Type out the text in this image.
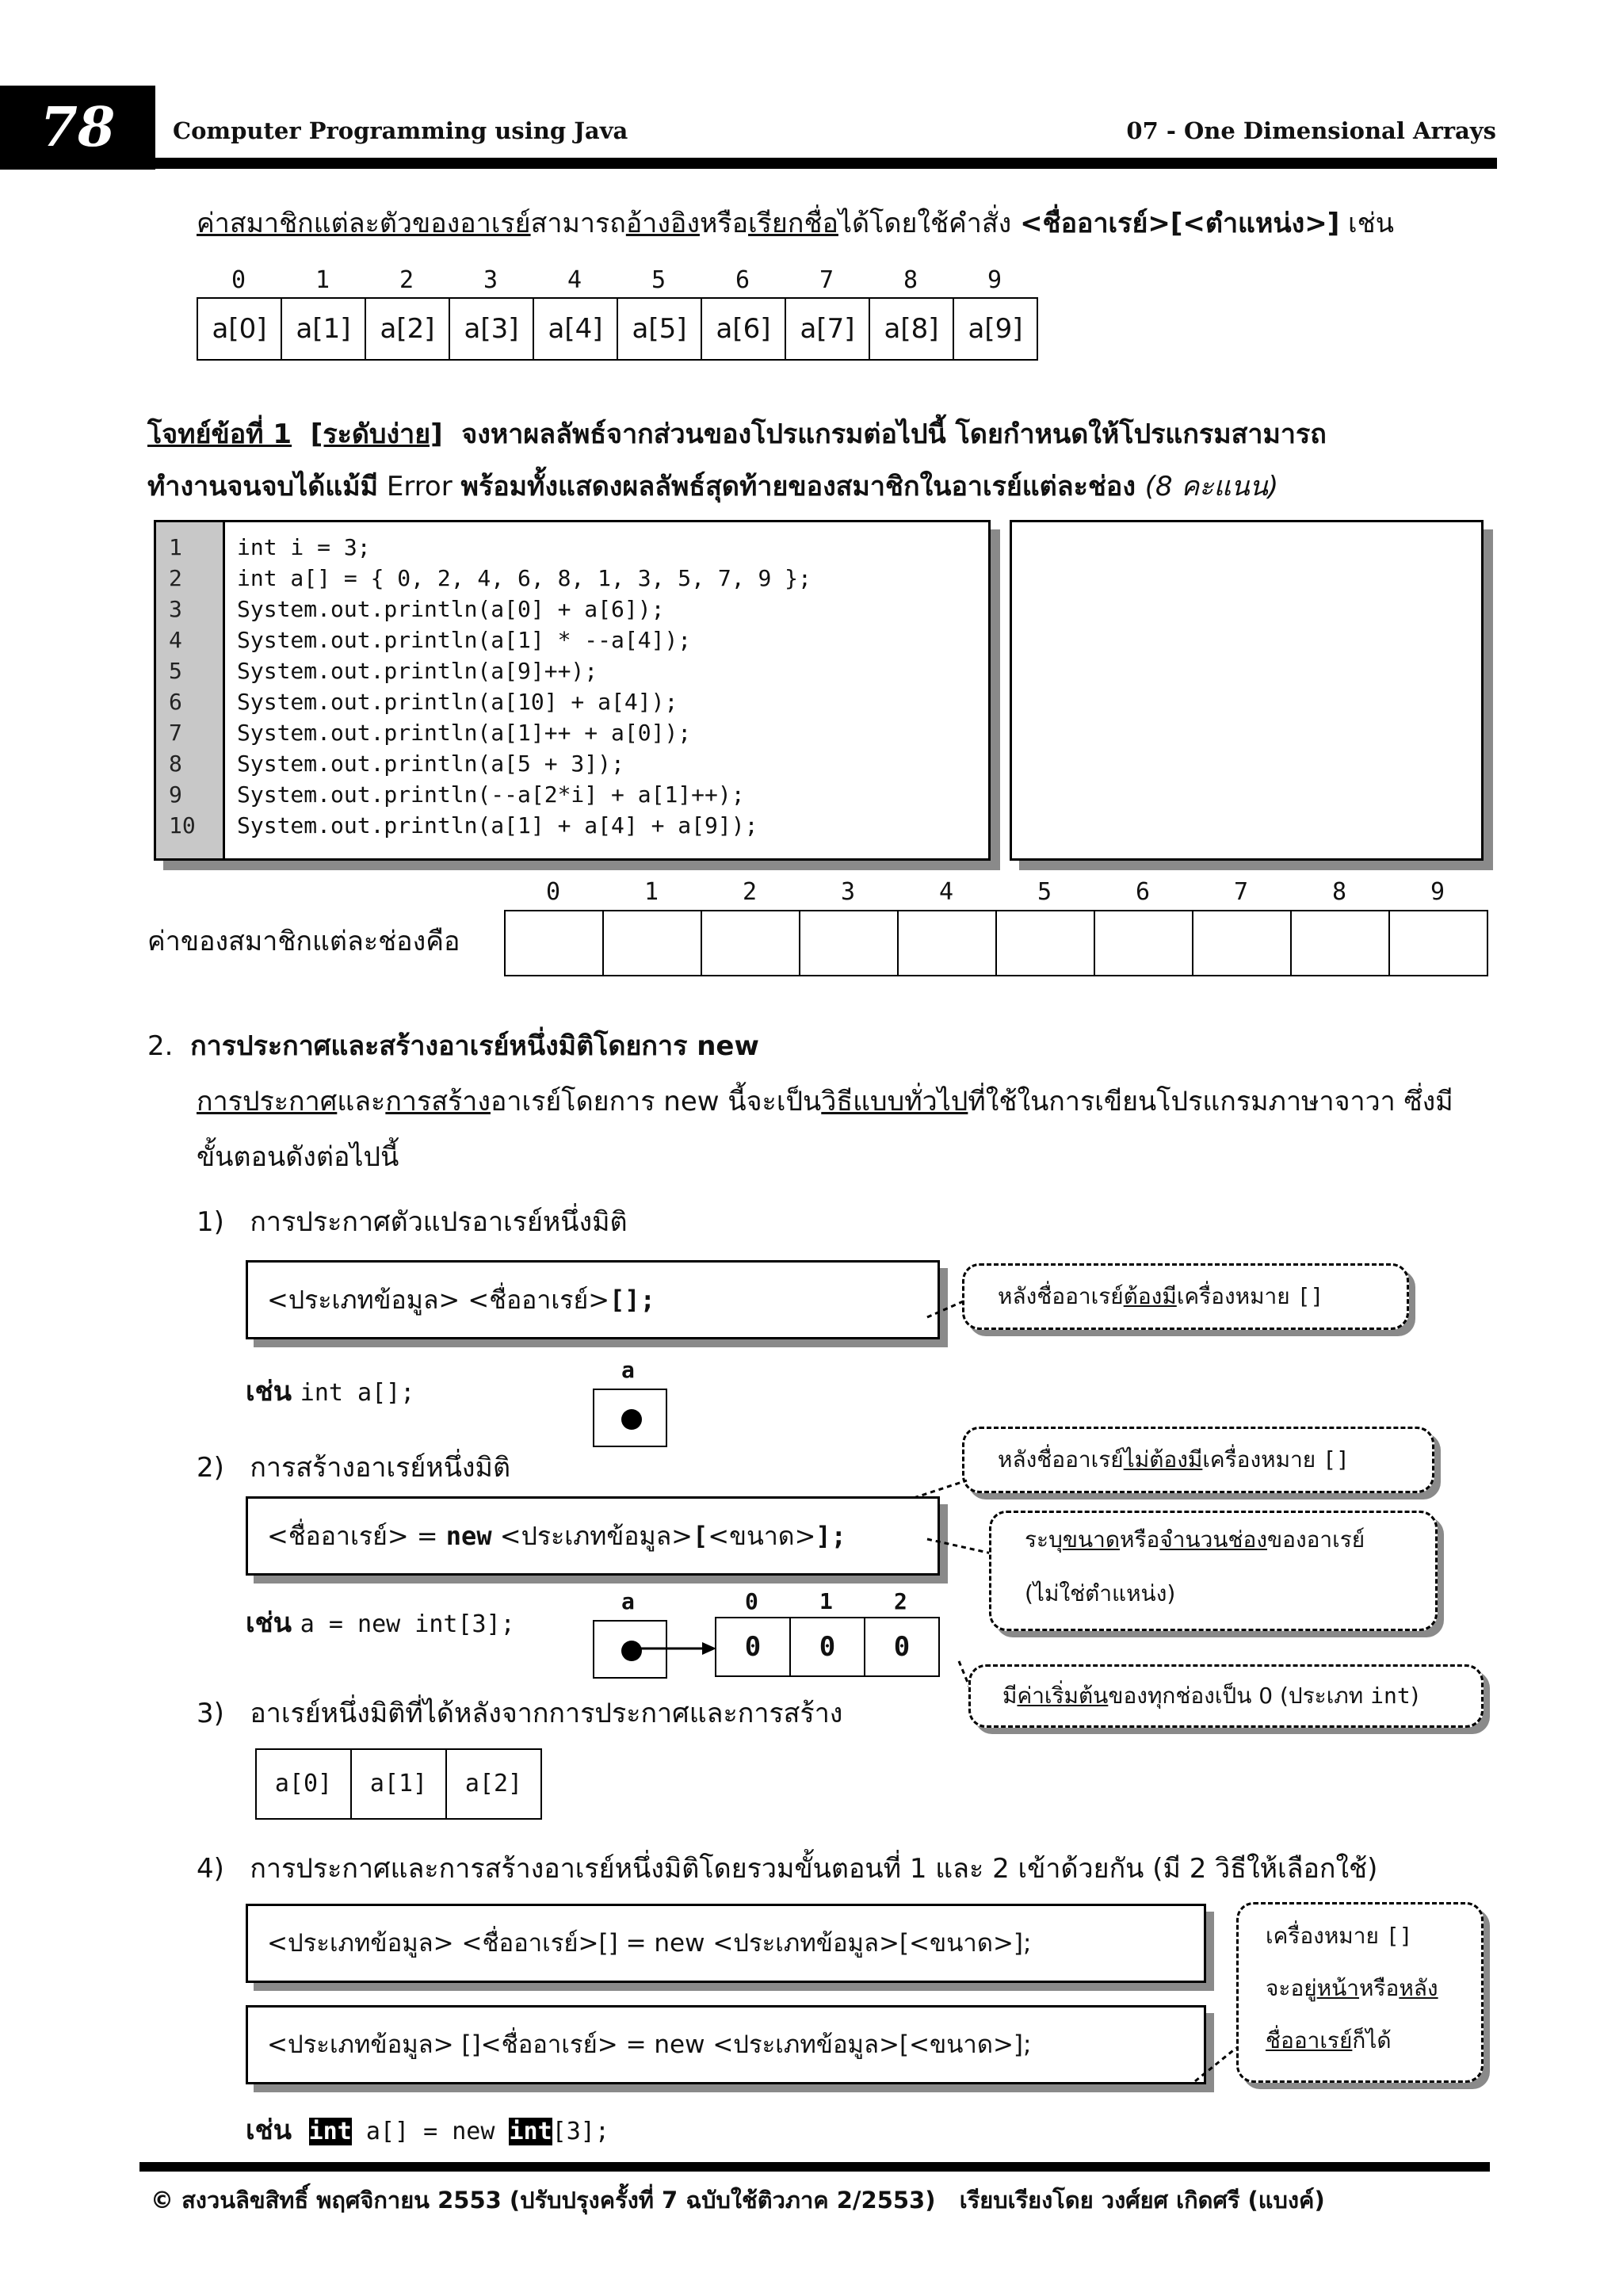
78	Computer Programming using Java	07 - One Dimensional Arrays
ค่าสมาชิกแต่ละตัวของอาเรย์สามารถอ้างอิงหรือเรียกชื่อได้โดยใช้คำสั่ง <ชื่ออาเรย์>[<ตำแหน่ง>] เช่น
0	1	2	3	4	5	6	7	8	9
a[0]	a[1]	a[2]	a[3]	a[4]	a[5]	a[6]	a[7]	a[8]	a[9]
โจทย์ข้อที่ 1 [ระดับง่าย] จงหาผลลัพธ์จากส่วนของโปรแกรมต่อไปนี้ โดยกำหนดให้โปรแกรมสามารถ
ทำงานจนจบได้แม้มี Error พร้อมทั้งแสดงผลลัพธ์สุดท้ายของสมาชิกในอาเรย์แต่ละช่อง (8 คะแนน)
1 int i = 3;
2 int a[] = { 0, 2, 4, 6, 8, 1, 3, 5, 7, 9 };
3 System.out.println(a[0] + a[6]);
4 System.out.println(a[1] * --a[4]);
5 System.out.println(a[9]++);
6 System.out.println(a[10] + a[4]);
7 System.out.println(a[1]++ + a[0]);
8 System.out.println(a[5 + 3]);
9 System.out.println(--a[2*i] + a[1]++);
10 System.out.println(a[1] + a[4] + a[9]);
0	1	2	3	4	5	6	7	8	9
ค่าของสมาชิกแต่ละช่องคือ
2. การประกาศและสร้างอาเรย์หนึ่งมิติโดยการ new
การประกาศและการสร้างอาเรย์โดยการ new นี้จะเป็นวิธีแบบทั่วไปที่ใช้ในการเขียนโปรแกรมภาษาจาวา ซึ่งมี
ขั้นตอนดังต่อไปนี้
1)   การประกาศตัวแปรอาเรย์หนึ่งมิติ
<ประเภทข้อมูล> <ชื่ออาเรย์>[];	หลังชื่ออาเรย์ต้องมีเครื่องหมาย []
เช่น int a[];
a
2)   การสร้างอาเรย์หนึ่งมิติ	หลังชื่ออาเรย์ไม่ต้องมีเครื่องหมาย []
<ชื่ออาเรย์> = new <ประเภทข้อมูล>[<ขนาด>];	ระบุขนาดหรือจำนวนช่องของอาเรย์
(ไม่ใช่ตำแหน่ง)
เช่น a = new int[3];
a	0	1	2
0	0	0
มีค่าเริ่มต้นของทุกช่องเป็น 0 (ประเภท int)
3)   อาเรย์หนึ่งมิติที่ได้หลังจากการประกาศและการสร้าง
a[0]	a[1]	a[2]
4)   การประกาศและการสร้างอาเรย์หนึ่งมิติโดยรวมขั้นตอนที่ 1 และ 2 เข้าด้วยกัน (มี 2 วิธีให้เลือกใช้)
<ประเภทข้อมูล> <ชื่ออาเรย์>[] = new <ประเภทข้อมูล>[<ขนาด>];
<ประเภทข้อมูล> []<ชื่ออาเรย์> = new <ประเภทข้อมูล>[<ขนาด>];
เครื่องหมาย []
จะอยู่หน้าหรือหลัง
ชื่ออาเรย์ก็ได้
เช่น int a[] = new int[3];
© สงวนลิขสิทธิ์ พฤศจิกายน 2553 (ปรับปรุงครั้งที่ 7 ฉบับใช้ติวภาค 2/2553)   เรียบเรียงโดย วงศ์ยศ เกิดศรี (แบงค์)
